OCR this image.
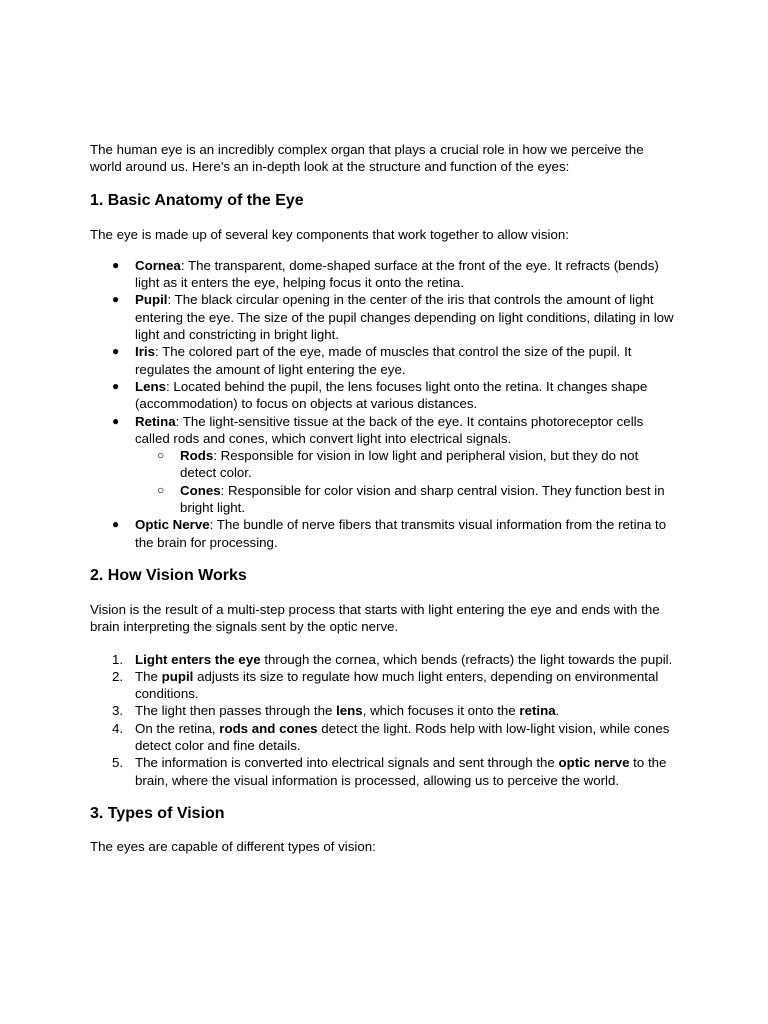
The human eye is an incredibly complex organ that plays a crucial role in how we perceive the world around us. Here's an in-depth look at the structure and function of the eyes:

1. Basic Anatomy of the Eye

The eye is made up of several key components that work together to allow vision:

● Cornea: The transparent, dome-shaped surface at the front of the eye. It refracts (bends) light as it enters the eye, helping focus it onto the retina.
● Pupil: The black circular opening in the center of the iris that controls the amount of light entering the eye. The size of the pupil changes depending on light conditions, dilating in low light and constricting in bright light.
● Iris: The colored part of the eye, made of muscles that control the size of the pupil. It regulates the amount of light entering the eye.
● Lens: Located behind the pupil, the lens focuses light onto the retina. It changes shape (accommodation) to focus on objects at various distances.
● Retina: The light-sensitive tissue at the back of the eye. It contains photoreceptor cells called rods and cones, which convert light into electrical signals.
○ Rods: Responsible for vision in low light and peripheral vision, but they do not detect color.
○ Cones: Responsible for color vision and sharp central vision. They function best in bright light.
● Optic Nerve: The bundle of nerve fibers that transmits visual information from the retina to the brain for processing.
2. How Vision Works

Vision is the result of a multi-step process that starts with light entering the eye and ends with the brain interpreting the signals sent by the optic nerve.

1. Light enters the eye through the cornea, which bends (refracts) the light towards the pupil.
2. The pupil adjusts its size to regulate how much light enters, depending on environmental conditions.
3. The light then passes through the lens, which focuses it onto the retina.
4. On the retina, rods and cones detect the light. Rods help with low-light vision, while cones detect color and fine details.
5. The information is converted into electrical signals and sent through the optic nerve to the brain, where the visual information is processed, allowing us to perceive the world.
3. Types of Vision

The eyes are capable of different types of vision:
